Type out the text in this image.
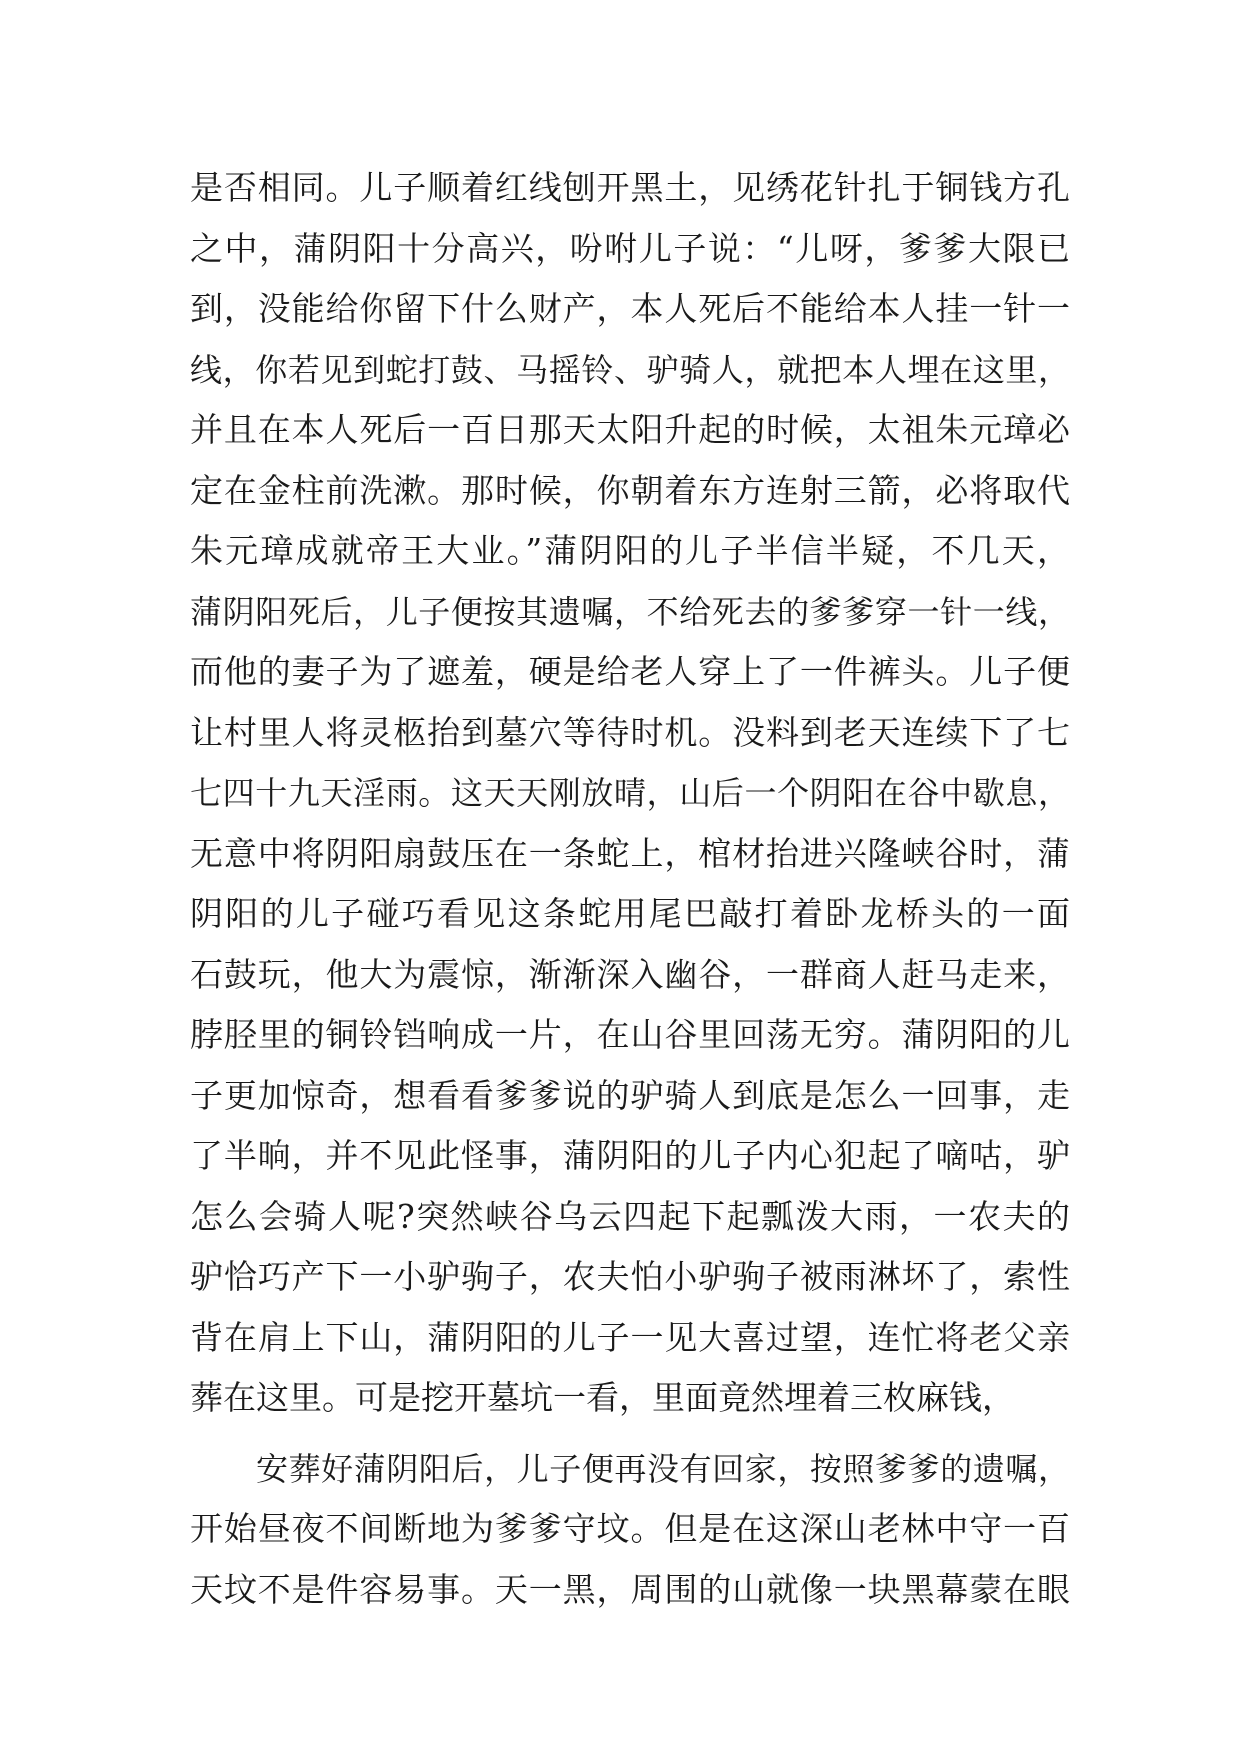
是否相同。儿子顺着红线刨开黑土，见绣花针扎于铜钱方孔
之中，蒲阴阳十分高兴，吩咐儿子说：“儿呀，爹爹大限已
到，没能给你留下什么财产，本人死后不能给本人挂一针一
线，你若见到蛇打鼓、马摇铃、驴骑人，就把本人埋在这里，
并且在本人死后一百日那天太阳升起的时候，太祖朱元璋必
定在金柱前洗漱。那时候，你朝着东方连射三箭，必将取代
朱元璋成就帝王大业。”蒲阴阳的儿子半信半疑，不几天，
蒲阴阳死后，儿子便按其遗嘱，不给死去的爹爹穿一针一线，
而他的妻子为了遮羞，硬是给老人穿上了一件裤头。儿子便
让村里人将灵柩抬到墓穴等待时机。没料到老天连续下了七
七四十九天淫雨。这天天刚放晴，山后一个阴阳在谷中歇息，
无意中将阴阳扇鼓压在一条蛇上，棺材抬进兴隆峡谷时，蒲
阴阳的儿子碰巧看见这条蛇用尾巴敲打着卧龙桥头的一面
石鼓玩，他大为震惊，渐渐深入幽谷，一群商人赶马走来，
脖胫里的铜铃铛响成一片，在山谷里回荡无穷。蒲阴阳的儿
子更加惊奇，想看看爹爹说的驴骑人到底是怎么一回事，走
了半晌，并不见此怪事，蒲阴阳的儿子内心犯起了嘀咕，驴
怎么会骑人呢?突然峡谷乌云四起下起瓢泼大雨，一农夫的
驴恰巧产下一小驴驹子，农夫怕小驴驹子被雨淋坏了，索性
背在肩上下山，蒲阴阳的儿子一见大喜过望，连忙将老父亲
葬在这里。可是挖开墓坑一看，里面竟然埋着三枚麻钱，
安葬好蒲阴阳后，儿子便再没有回家，按照爹爹的遗嘱，
开始昼夜不间断地为爹爹守坟。但是在这深山老林中守一百
天坟不是件容易事。天一黑，周围的山就像一块黑幕蒙在眼
